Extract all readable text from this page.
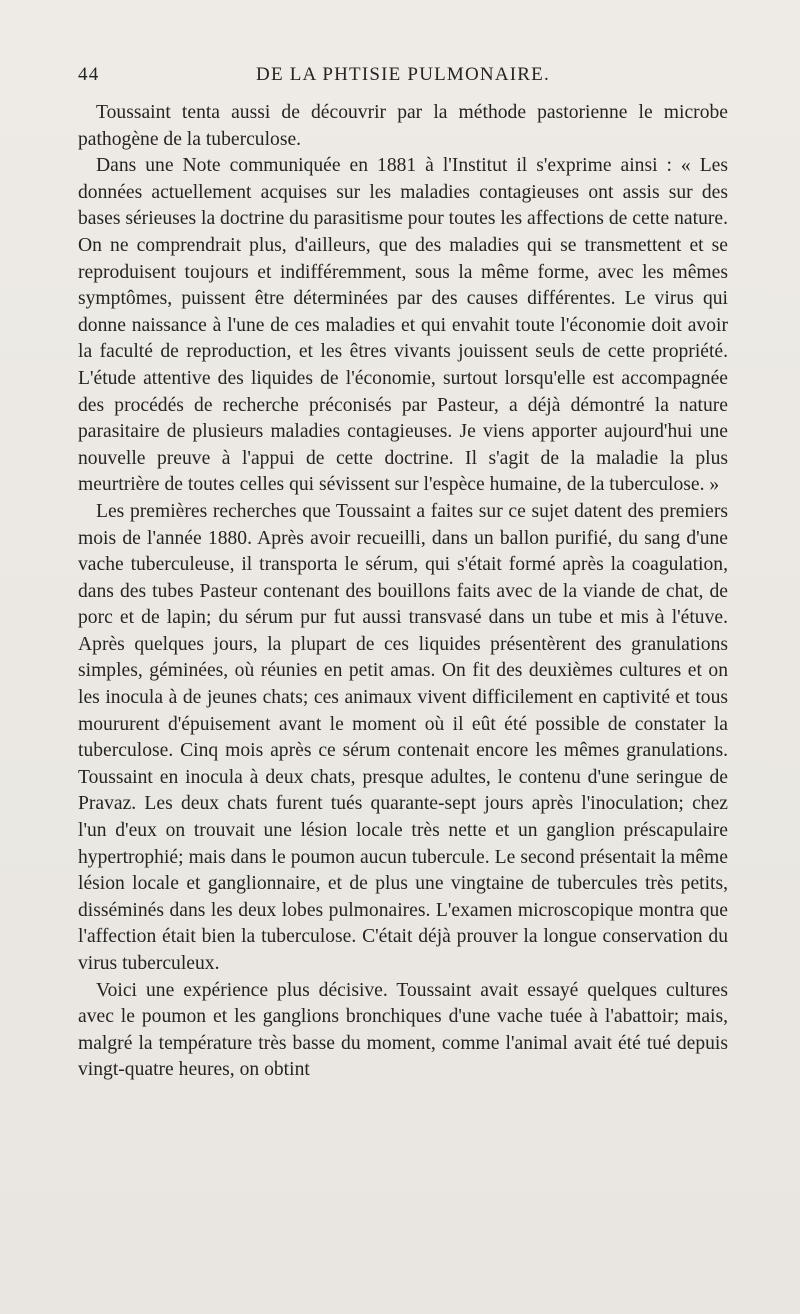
44	DE LA PHTISIE PULMONAIRE.

Toussaint tenta aussi de découvrir par la méthode pastorienne le microbe pathogène de la tuberculose.

Dans une Note communiquée en 1881 à l'Institut il s'exprime ainsi : « Les données actuellement acquises sur les maladies contagieuses ont assis sur des bases sérieuses la doctrine du parasitisme pour toutes les affections de cette nature. On ne comprendrait plus, d'ailleurs, que des maladies qui se transmettent et se reproduisent toujours et indifféremment, sous la même forme, avec les mêmes symptômes, puissent être déterminées par des causes différentes. Le virus qui donne naissance à l'une de ces maladies et qui envahit toute l'économie doit avoir la faculté de reproduction, et les êtres vivants jouissent seuls de cette propriété. L'étude attentive des liquides de l'économie, surtout lorsqu'elle est accompagnée des procédés de recherche préconisés par Pasteur, a déjà démontré la nature parasitaire de plusieurs maladies contagieuses. Je viens apporter aujourd'hui une nouvelle preuve à l'appui de cette doctrine. Il s'agit de la maladie la plus meurtrière de toutes celles qui sévissent sur l'espèce humaine, de la tuberculose. »

Les premières recherches que Toussaint a faites sur ce sujet datent des premiers mois de l'année 1880. Après avoir recueilli, dans un ballon purifié, du sang d'une vache tuberculeuse, il transporta le sérum, qui s'était formé après la coagulation, dans des tubes Pasteur contenant des bouillons faits avec de la viande de chat, de porc et de lapin; du sérum pur fut aussi transvasé dans un tube et mis à l'étuve. Après quelques jours, la plupart de ces liquides présentèrent des granulations simples, géminées, où réunies en petit amas. On fit des deuxièmes cultures et on les inocula à de jeunes chats; ces animaux vivent difficilement en captivité et tous moururent d'épuisement avant le moment où il eût été possible de constater la tuberculose. Cinq mois après ce sérum contenait encore les mêmes granulations. Toussaint en inocula à deux chats, presque adultes, le contenu d'une seringue de Pravaz. Les deux chats furent tués quarante-sept jours après l'inoculation; chez l'un d'eux on trouvait une lésion locale très nette et un ganglion préscapulaire hypertrophié; mais dans le poumon aucun tubercule. Le second présentait la même lésion locale et ganglionnaire, et de plus une vingtaine de tubercules très petits, disséminés dans les deux lobes pulmonaires. L'examen microscopique montra que l'affection était bien la tuberculose. C'était déjà prouver la longue conservation du virus tuberculeux.

Voici une expérience plus décisive. Toussaint avait essayé quelques cultures avec le poumon et les ganglions bronchiques d'une vache tuée à l'abattoir; mais, malgré la température très basse du moment, comme l'animal avait été tué depuis vingt-quatre heures, on obtint
